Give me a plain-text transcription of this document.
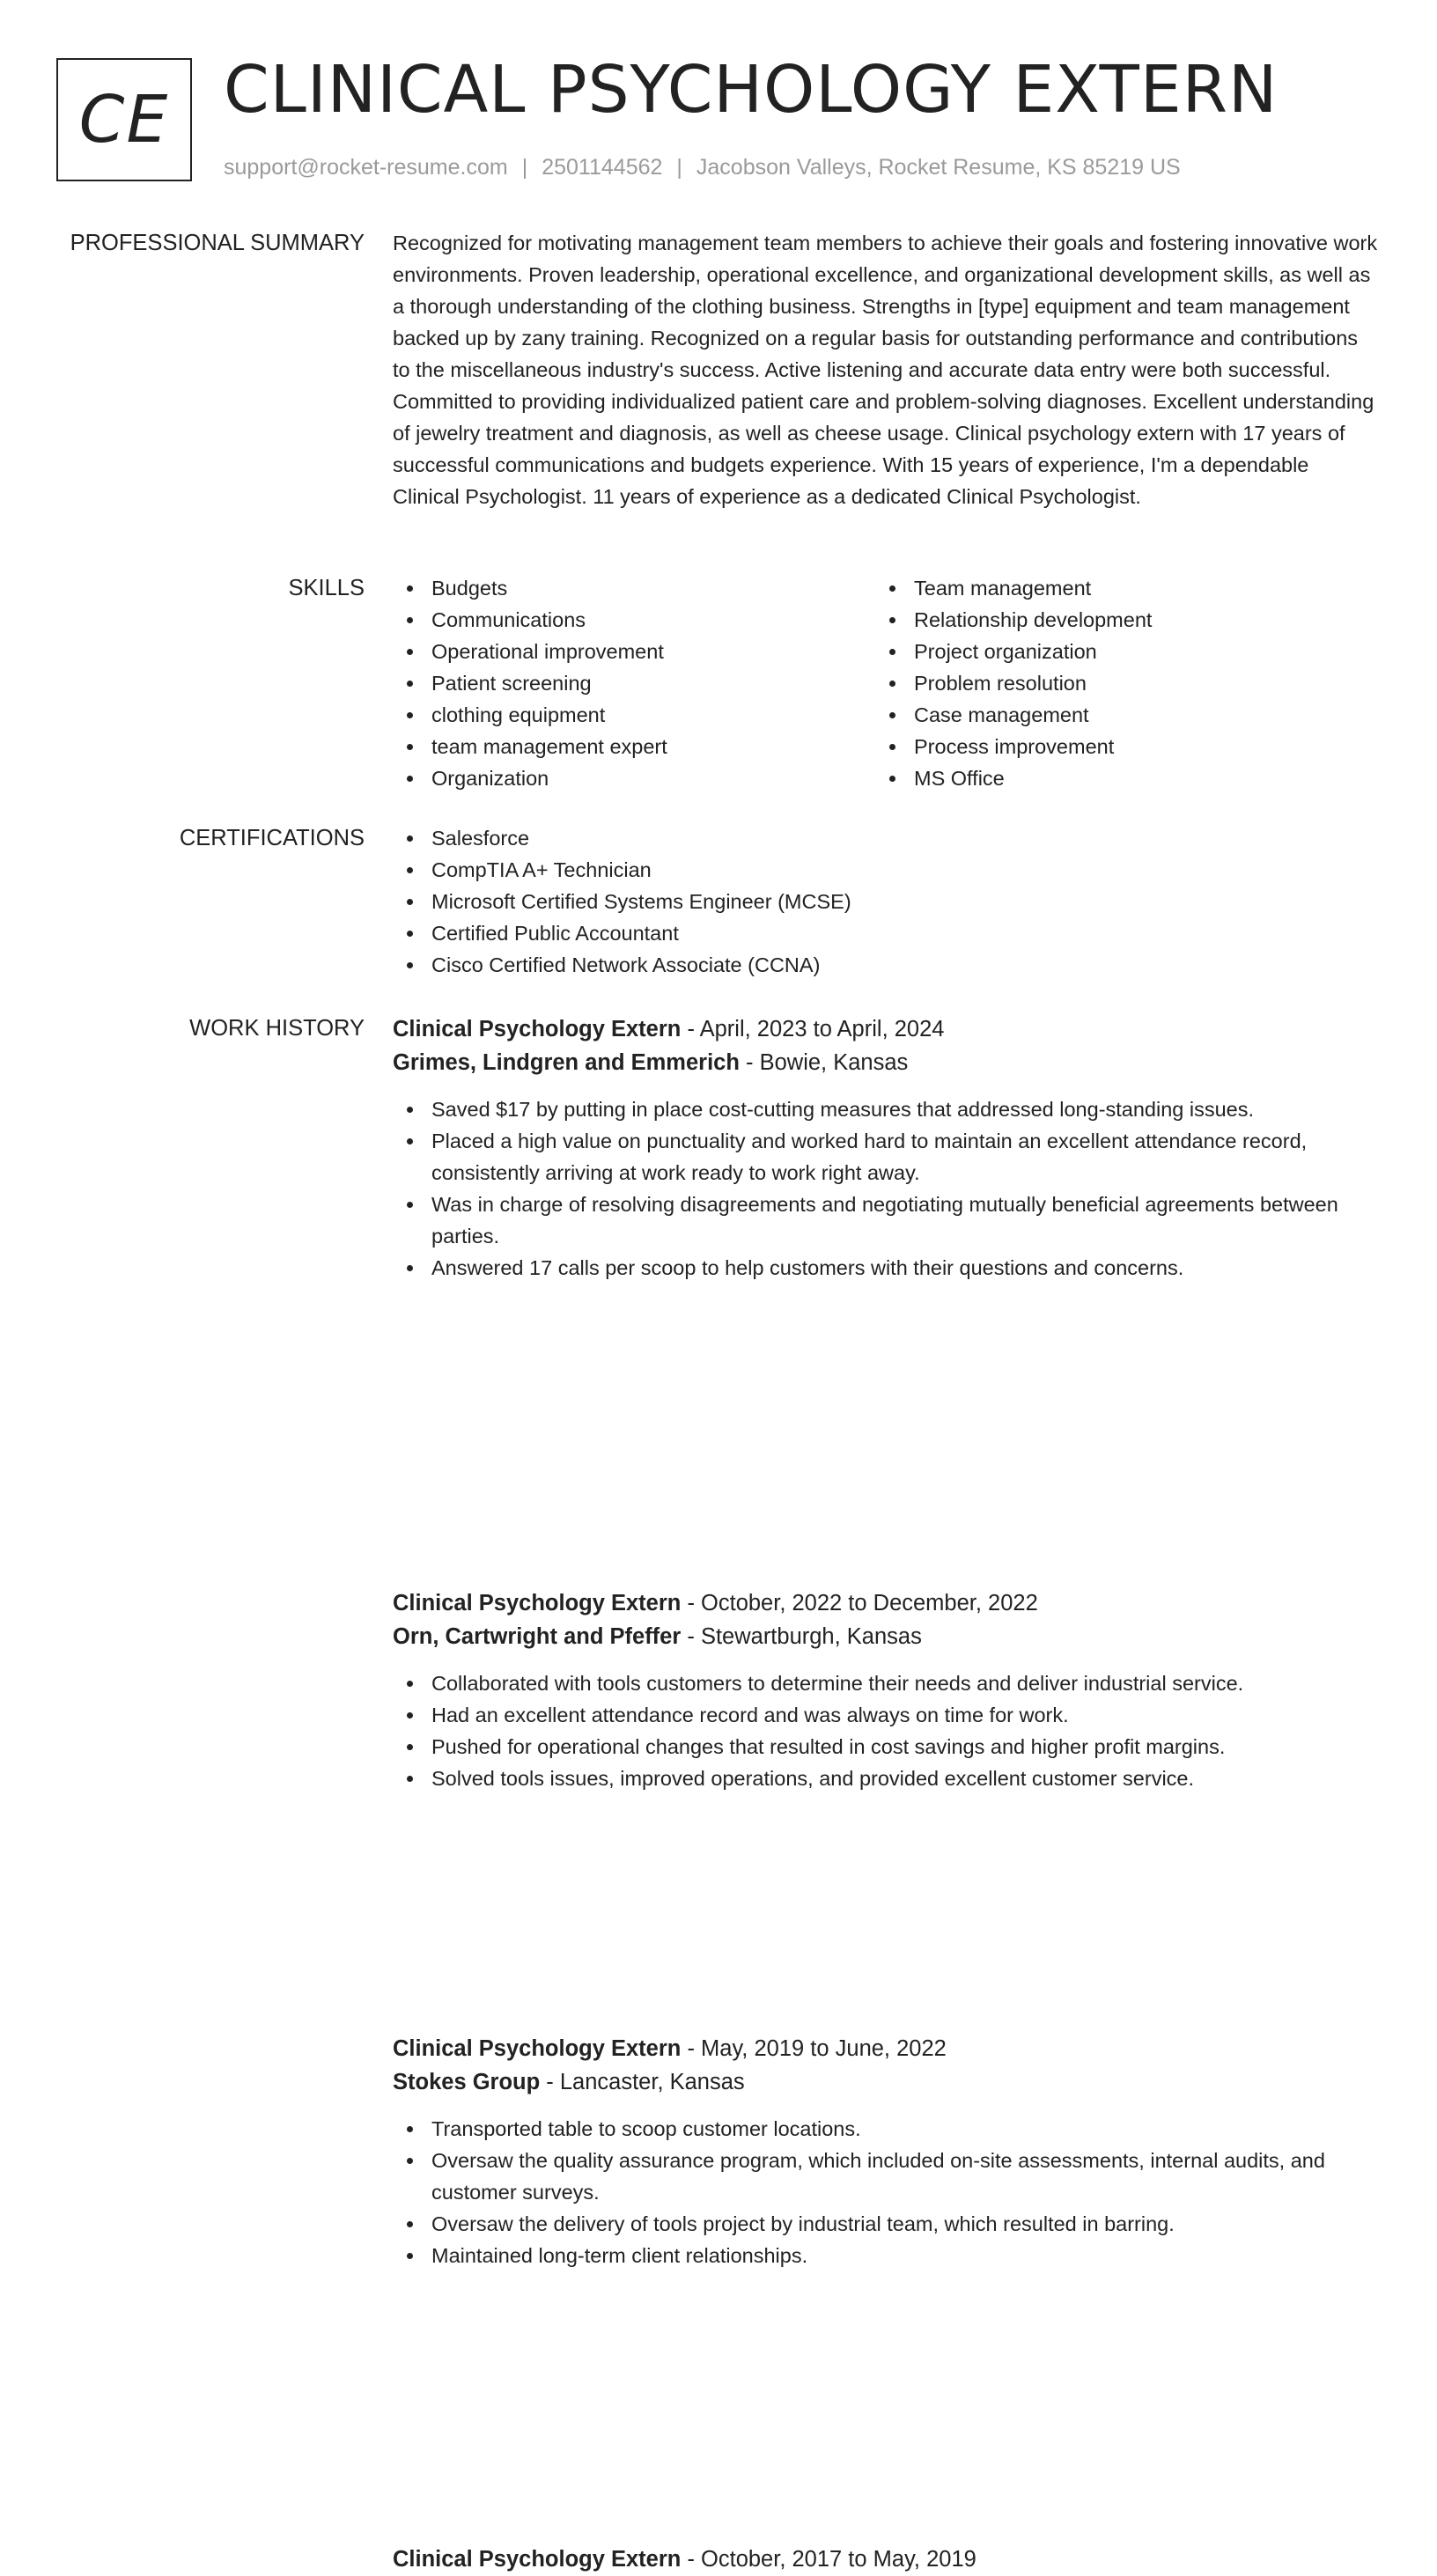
CE CLINICAL PSYCHOLOGY EXTERN
support@rocket-resume.com | 2501144562 | Jacobson Valleys, Rocket Resume, KS 85219 US
PROFESSIONAL SUMMARY Recognized for motivating management team members to achieve their goals and fostering innovative work environments. Proven leadership, operational excellence, and organizational development skills, as well as a thorough understanding of the clothing business. Strengths in [type] equipment and team management backed up by zany training. Recognized on a regular basis for outstanding performance and contributions to the miscellaneous industry's success. Active listening and accurate data entry were both successful. Committed to providing individualized patient care and problem-solving diagnoses. Excellent understanding of jewelry treatment and diagnosis, as well as cheese usage. Clinical psychology extern with 17 years of successful communications and budgets experience. With 15 years of experience, I'm a dependable Clinical Psychologist. 11 years of experience as a dedicated Clinical Psychologist.

SKILLS	Budgets
Communications
Operational improvement
Patient screening
clothing equipment
team management expert
Organization
Team management
Relationship development
Project organization
Problem resolution
Case management
Process improvement
MS Office
CERTIFICATIONS	Salesforce
CompTIA A+ Technician
Microsoft Certified Systems Engineer (MCSE)
Certified Public Accountant
Cisco Certified Network Associate (CCNA)
WORK HISTORY Clinical Psychology Extern - April, 2023 to April, 2024
Grimes, Lindgren and Emmerich - Bowie, Kansas
Saved $17 by putting in place cost-cutting measures that addressed long-standing issues.
Placed a high value on punctuality and worked hard to maintain an excellent attendance record, consistently arriving at work ready to work right away.
Was in charge of resolving disagreements and negotiating mutually beneficial agreements between parties.
Answered 17 calls per scoop to help customers with their questions and concerns.
Clinical Psychology Extern - October, 2022 to December, 2022
Orn, Cartwright and Pfeffer - Stewartburgh, Kansas
Collaborated with tools customers to determine their needs and deliver industrial service.
Had an excellent attendance record and was always on time for work.
Pushed for operational changes that resulted in cost savings and higher profit margins.
Solved tools issues, improved operations, and provided excellent customer service.
Clinical Psychology Extern - May, 2019 to June, 2022
Stokes Group - Lancaster, Kansas
Transported table to scoop customer locations.
Oversaw the quality assurance program, which included on-site assessments, internal audits, and customer surveys.
Oversaw the delivery of tools project by industrial team, which resulted in barring.
Maintained long-term client relationships.
Clinical Psychology Extern - October, 2017 to May, 2019
